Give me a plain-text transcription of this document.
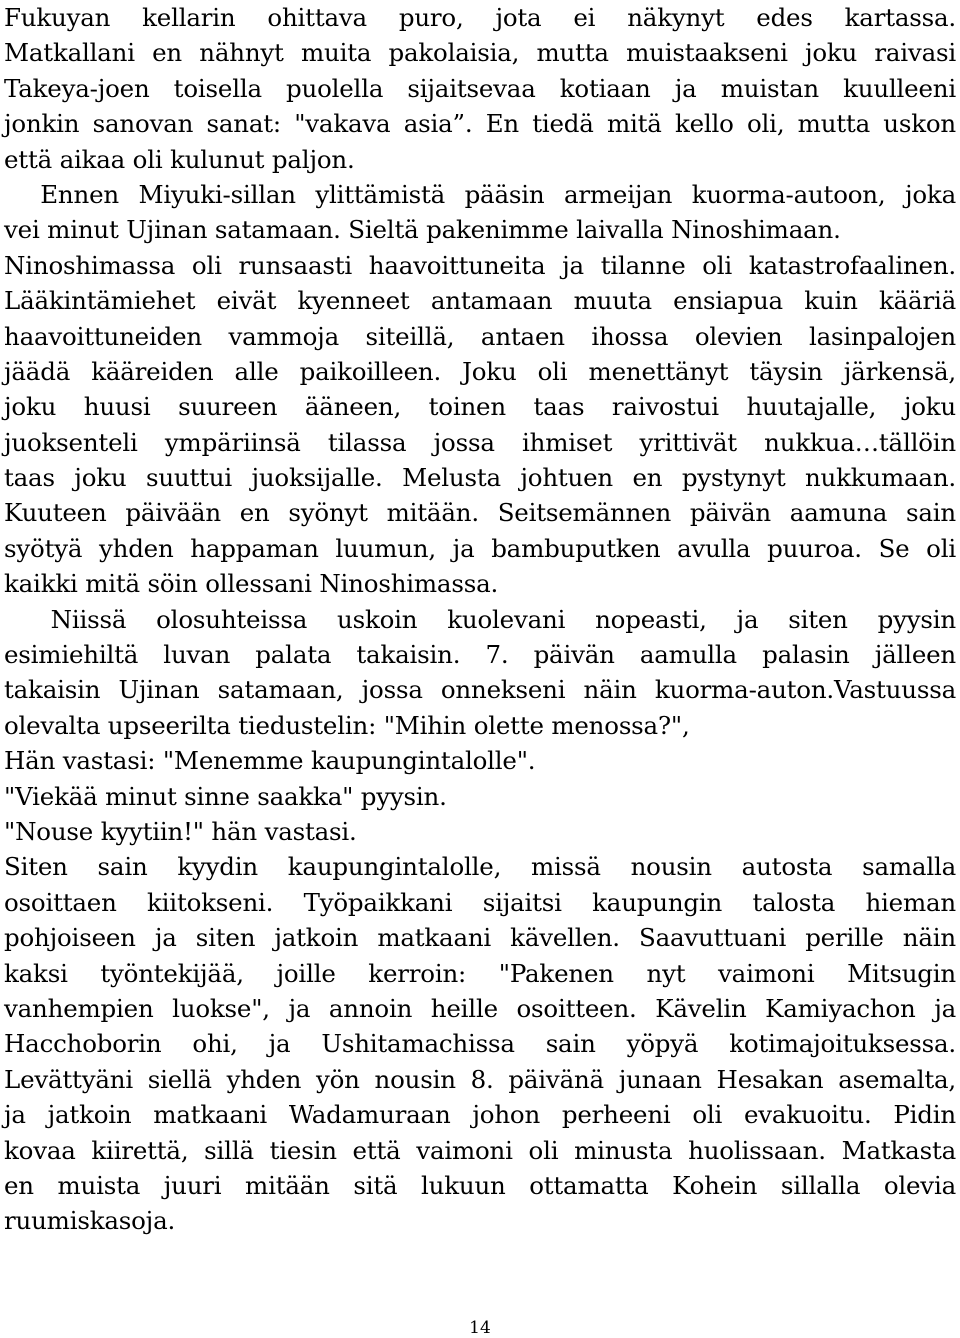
Fukuyan kellarin ohittava puro, jota ei näkynyt edes kartassa.
Matkallani en nähnyt muita pakolaisia, mutta muistaakseni joku raivasi
Takeya-joen toisella puolella sijaitsevaa kotiaan ja muistan kuulleeni
jonkin sanovan sanat: "vakava asia”. En tiedä mitä kello oli, mutta uskon
että aikaa oli kulunut paljon.
　Ennen Miyuki-sillan ylittämistä pääsin armeijan kuorma-autoon, joka
vei minut Ujinan satamaan. Sieltä pakenimme laivalla Ninoshimaan.
Ninoshimassa oli runsaasti haavoittuneita ja tilanne oli katastrofaalinen.
Lääkintämiehet eivät kyenneet antamaan muuta ensiapua kuin kääriä
haavoittuneiden vammoja siteillä, antaen ihossa olevien lasinpalojen
jäädä kääreiden alle paikoilleen. Joku oli menettänyt täysin järkensä,
joku huusi suureen ääneen, toinen taas raivostui huutajalle, joku
juoksenteli ympäriinsä tilassa jossa ihmiset yrittivät nukkua…tällöin
taas joku suuttui juoksijalle. Melusta johtuen en pystynyt nukkumaan.
Kuuteen päivään en syönyt mitään. Seitsemännen päivän aamuna sain
syötyä yhden happaman luumun, ja bambuputken avulla puuroa. Se oli
kaikki mitä söin ollessani Ninoshimassa.
　Niissä olosuhteissa uskoin kuolevani nopeasti, ja siten pyysin
esimiehiltä luvan palata takaisin. 7. päivän aamulla palasin jälleen
takaisin Ujinan satamaan, jossa onnekseni näin kuorma-auton.Vastuussa
olevalta upseerilta tiedustelin: "Mihin olette menossa?",
Hän vastasi: "Menemme kaupungintalolle".
"Viekää minut sinne saakka" pyysin.
"Nouse kyytiin!" hän vastasi.
Siten sain kyydin kaupungintalolle, missä nousin autosta samalla
osoittaen kiitokseni. Työpaikkani sijaitsi kaupungin talosta hieman
pohjoiseen ja siten jatkoin matkaani kävellen. Saavuttuani perille näin
kaksi työntekijää, joille kerroin: "Pakenen nyt vaimoni Mitsugin
vanhempien luokse", ja annoin heille osoitteen. Kävelin Kamiyachon ja
Hacchoborin ohi, ja Ushitamachissa sain yöpyä kotimajoituksessa.
Levättyäni siellä yhden yön nousin 8. päivänä junaan Hesakan asemalta,
ja jatkoin matkaani Wadamuraan johon perheeni oli evakuoitu. Pidin
kovaa kiirettä, sillä tiesin että vaimoni oli minusta huolissaan. Matkasta
en muista juuri mitään sitä lukuun ottamatta Kohein sillalla olevia
ruumiskasoja.
14
